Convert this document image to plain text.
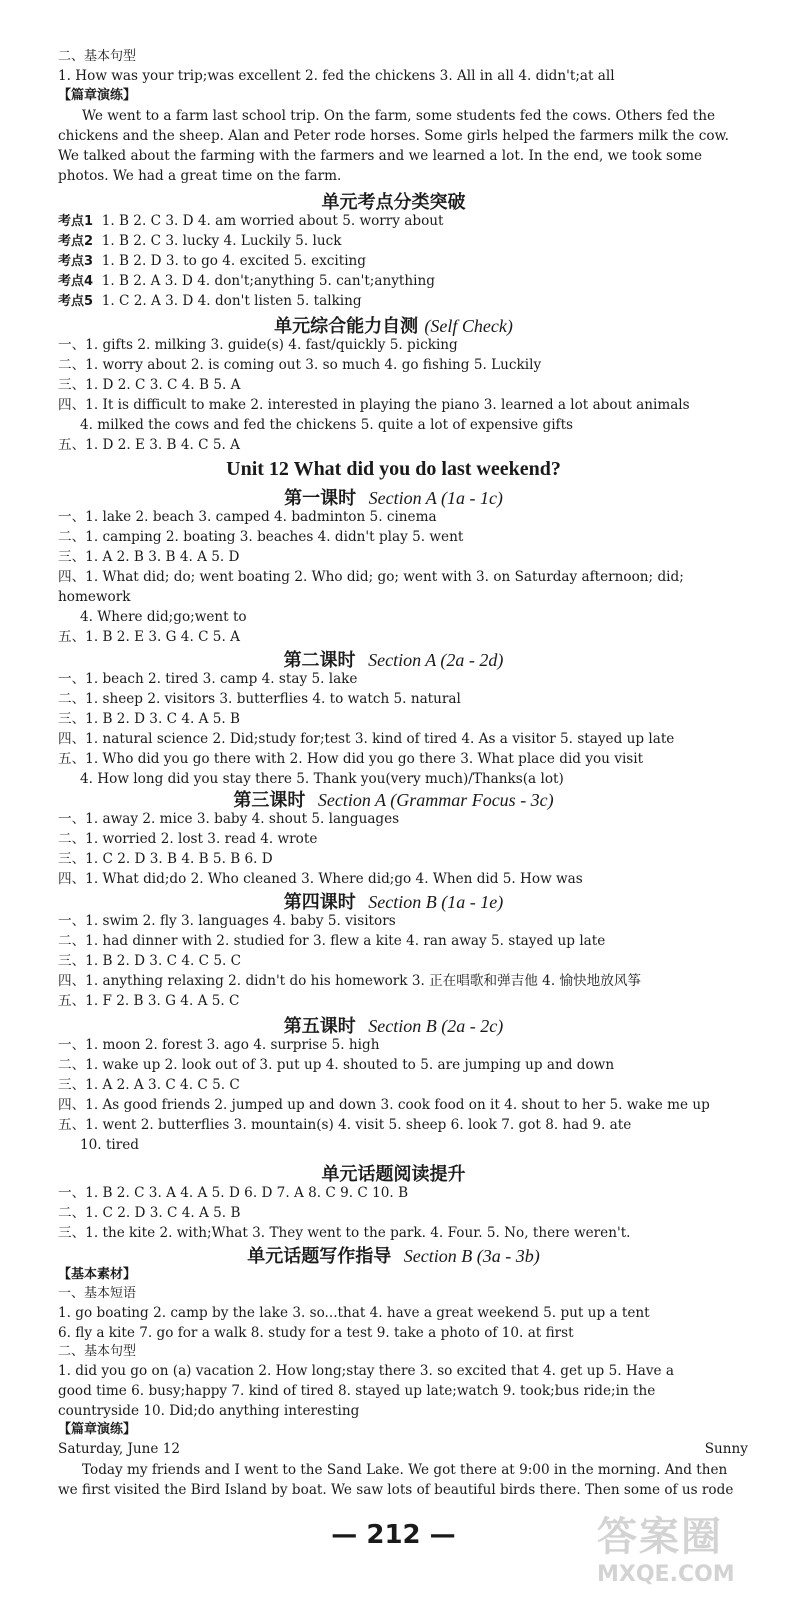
二、基本句型
1. How was your trip;was excellent 2. fed the chickens 3. All in all 4. didn't;at all
【篇章演练】
We went to a farm last school trip. On the farm, some students fed the cows. Others fed the chickens and the sheep. Alan and Peter rode horses. Some girls helped the farmers milk the cow. We talked about the farming with the farmers and we learned a lot. In the end, we took some photos. We had a great time on the farm.
单元考点分类突破
考点1 1. B 2. C 3. D 4. am worried about 5. worry about
考点2 1. B 2. C 3. lucky 4. Luckily 5. luck
考点3 1. B 2. D 3. to go 4. excited 5. exciting
考点4 1. B 2. A 3. D 4. don't;anything 5. can't;anything
考点5 1. C 2. A 3. D 4. don't listen 5. talking
单元综合能力自测 (Self Check)
一、1. gifts 2. milking 3. guide(s) 4. fast/quickly 5. picking
二、1. worry about 2. is coming out 3. so much 4. go fishing 5. Luckily
三、1. D 2. C 3. C 4. B 5. A
四、1. It is difficult to make 2. interested in playing the piano 3. learned a lot about animals
4. milked the cows and fed the chickens 5. quite a lot of expensive gifts
五、1. D 2. E 3. B 4. C 5. A
Unit 12 What did you do last weekend?
第一课时 Section A (1a - 1c)
一、1. lake 2. beach 3. camped 4. badminton 5. cinema
二、1. camping 2. boating 3. beaches 4. didn't play 5. went
三、1. A 2. B 3. B 4. A 5. D
四、1. What did; do; went boating 2. Who did; go; went with 3. on Saturday afternoon; did;
homework
4. Where did;go;went to
五、1. B 2. E 3. G 4. C 5. A
第二课时 Section A (2a - 2d)
一、1. beach 2. tired 3. camp 4. stay 5. lake
二、1. sheep 2. visitors 3. butterflies 4. to watch 5. natural
三、1. B 2. D 3. C 4. A 5. B
四、1. natural science 2. Did;study for;test 3. kind of tired 4. As a visitor 5. stayed up late
五、1. Who did you go there with 2. How did you go there 3. What place did you visit
4. How long did you stay there 5. Thank you(very much)/Thanks(a lot)
第三课时 Section A (Grammar Focus - 3c)
一、1. away 2. mice 3. baby 4. shout 5. languages
二、1. worried 2. lost 3. read 4. wrote
三、1. C 2. D 3. B 4. B 5. B 6. D
四、1. What did;do 2. Who cleaned 3. Where did;go 4. When did 5. How was
第四课时 Section B (1a - 1e)
一、1. swim 2. fly 3. languages 4. baby 5. visitors
二、1. had dinner with 2. studied for 3. flew a kite 4. ran away 5. stayed up late
三、1. B 2. D 3. C 4. C 5. C
四、1. anything relaxing 2. didn't do his homework 3. 正在唱歌和弹吉他 4. 愉快地放风筝
五、1. F 2. B 3. G 4. A 5. C
第五课时 Section B (2a - 2c)
一、1. moon 2. forest 3. ago 4. surprise 5. high
二、1. wake up 2. look out of 3. put up 4. shouted to 5. are jumping up and down
三、1. A 2. A 3. C 4. C 5. C
四、1. As good friends 2. jumped up and down 3. cook food on it 4. shout to her 5. wake me up
五、1. went 2. butterflies 3. mountain(s) 4. visit 5. sheep 6. look 7. got 8. had 9. ate
10. tired
单元话题阅读提升
一、1. B 2. C 3. A 4. A 5. D 6. D 7. A 8. C 9. C 10. B
二、1. C 2. D 3. C 4. A 5. B
三、1. the kite 2. with;What 3. They went to the park. 4. Four. 5. No, there weren't.
单元话题写作指导 Section B (3a - 3b)
【基本素材】
一、基本短语
1. go boating 2. camp by the lake 3. so...that 4. have a great weekend 5. put up a tent
6. fly a kite 7. go for a walk 8. study for a test 9. take a photo of 10. at first
二、基本句型
1. did you go on (a) vacation 2. How long;stay there 3. so excited that 4. get up 5. Have a
good time 6. busy;happy 7. kind of tired 8. stayed up late;watch 9. took;bus ride;in the
countryside 10. Did;do anything interesting
【篇章演练】
Saturday, June 12	Sunny
Today my friends and I went to the Sand Lake. We got there at 9:00 in the morning. And then we first visited the Bird Island by boat. We saw lots of beautiful birds there. Then some of us rode
— 212 —	答案圈
MXQE.COM
